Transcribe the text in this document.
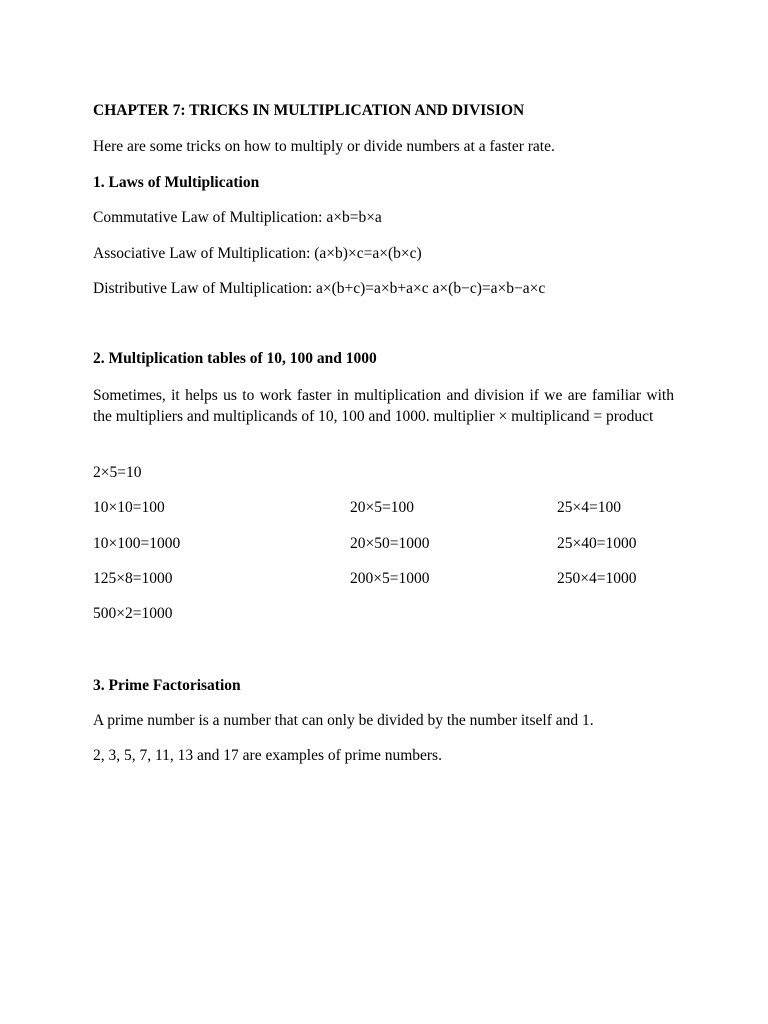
CHAPTER 7: TRICKS IN MULTIPLICATION AND DIVISION
Here are some tricks on how to multiply or divide numbers at a faster rate.
1. Laws of Multiplication
Commutative Law of Multiplication: a×b=b×a
Associative Law of Multiplication: (a×b)×c=a×(b×c)
Distributive Law of Multiplication: a×(b+c)=a×b+a×c a×(b−c)=a×b−a×c
2. Multiplication tables of 10, 100 and 1000
Sometimes, it helps us to work faster in multiplication and division if we are familiar with the multipliers and multiplicands of 10, 100 and 1000. multiplier × multiplicand = product
2×5=10
10×10=100	20×5=100	25×4=100
10×100=1000	20×50=1000	25×40=1000
125×8=1000	200×5=1000	250×4=1000
500×2=1000
3. Prime Factorisation
A prime number is a number that can only be divided by the number itself and 1.
2, 3, 5, 7, 11, 13 and 17 are examples of prime numbers.
